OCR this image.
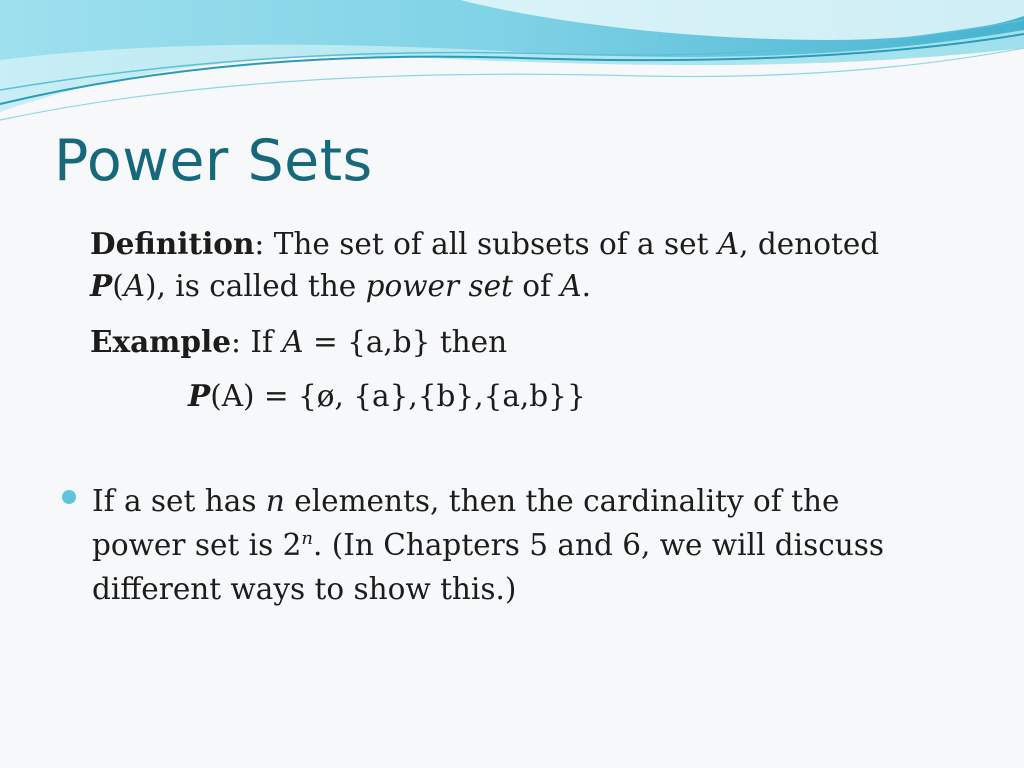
Power Sets
Definition: The set of all subsets of a set A, denoted
P(A), is called the power set of A.
Example: If A = {a,b} then
P(A) = {ø, {a},{b},{a,b}}
If a set has n elements, then the cardinality of the
power set is 2$^n$. (In Chapters 5 and 6, we will discuss
different ways to show this.)
